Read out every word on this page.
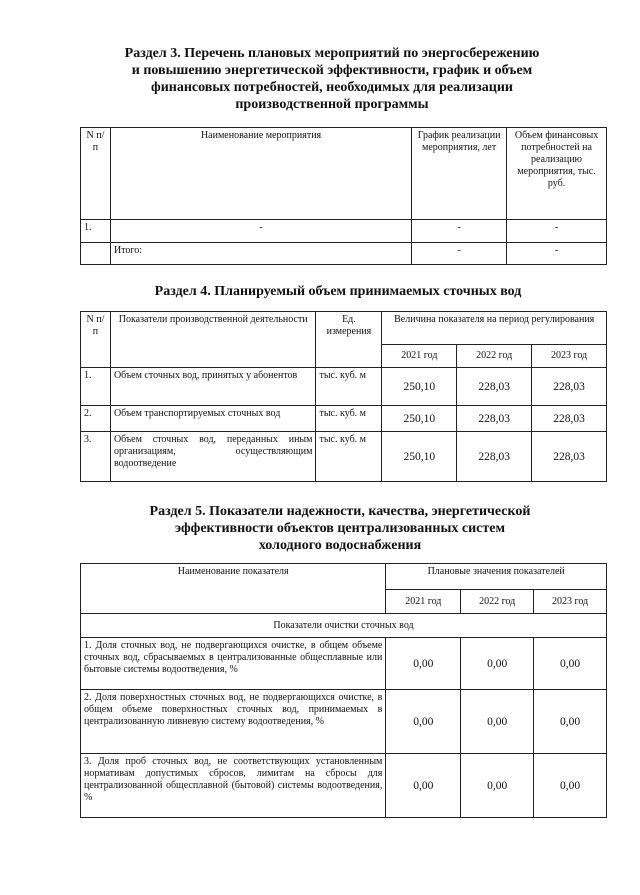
Раздел 3. Перечень плановых мероприятий по энергосбережению
и повышению энергетической эффективности, график и объем
финансовых потребностей, необходимых для реализации
производственной программы
N п/п	Наименование мероприятия	График реализации мероприятия, лет	Объем финансовых потребностей на реализацию мероприятия, тыс. руб.
1.	-	-	-
	Итого:	-	-
Раздел 4. Планируемый объем принимаемых сточных вод
N п/п	Показатели производственной деятельности	Ед. измерения	Величина показателя на период регулирования		
			2021 год	2022 год	2023 год
1.	Объем сточных вод, принятых у абонентов	тыс. куб. м	250,10	228,03	228,03
2.	Объем транспортируемых сточных вод	тыс. куб. м	250,10	228,03	228,03
3.	Объем сточных вод, переданных иным организациям, осуществляющим водоотведение	тыс. куб. м	250,10	228,03	228,03
Раздел 5. Показатели надежности, качества, энергетической
эффективности объектов централизованных систем
холодного водоснабжения
Наименование показателя	Плановые значения показателей		
	2021 год	2022 год	2023 год
Показатели очистки сточных вод			
1. Доля сточных вод, не подвергающихся очистке, в общем объеме сточных вод, сбрасываемых в централизованные общесплавные или бытовые системы водоотведения, %	0,00	0,00	0,00
2. Доля поверхностных сточных вод, не подвергающихся очистке, в общем объеме поверхностных сточных вод, принимаемых в централизованную ливневую систему водоотведения, %	0,00	0,00	0,00
3. Доля проб сточных вод, не соответствующих установленным нормативам допустимых сбросов, лимитам на сбросы для централизованной общесплавной (бытовой) системы водоотведения, %	0,00	0,00	0,00
